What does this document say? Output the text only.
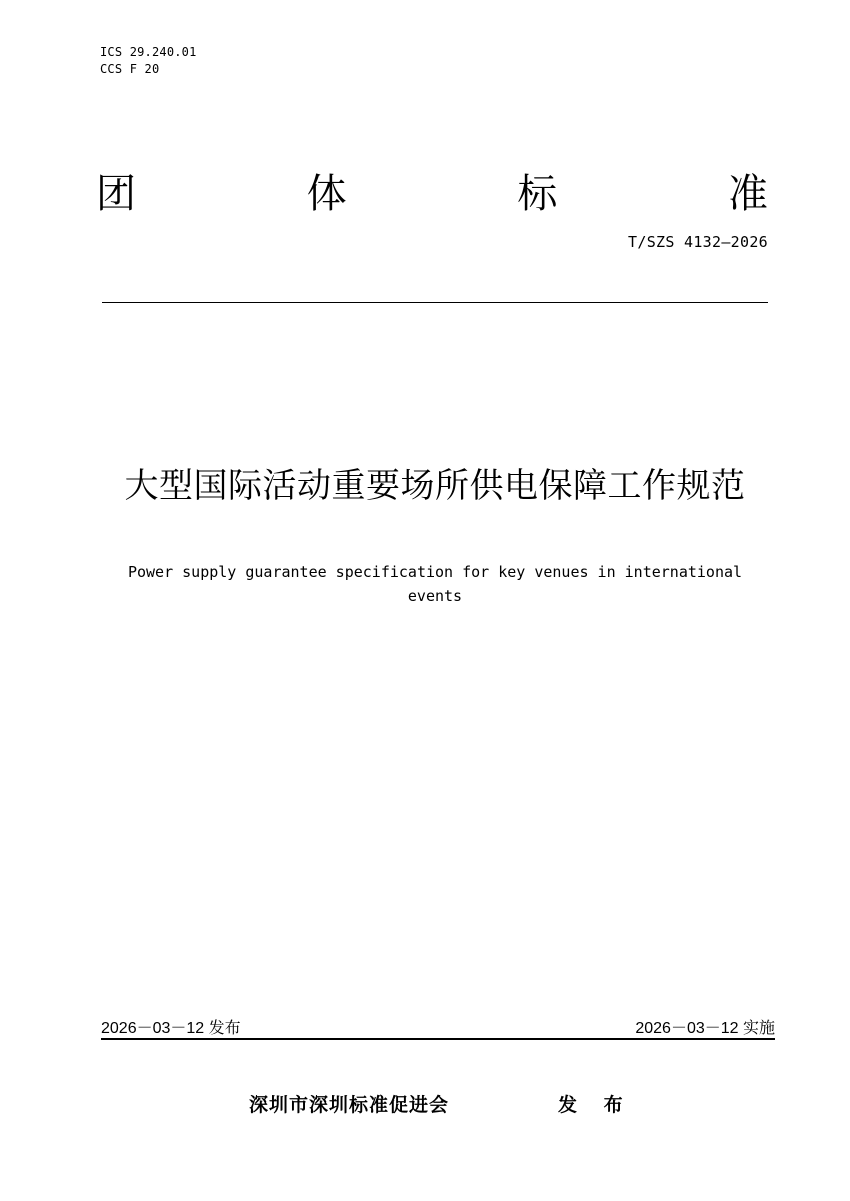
ICS 29.240.01
CCS F 20
团	体	标	准
T/SZS 4132—2026
大型国际活动重要场所供电保障工作规范
Power supply guarantee specification for key venues in international
events
2026－03－12 发布	2026－03－12 实施
深圳市深圳标准促进会	发 布
